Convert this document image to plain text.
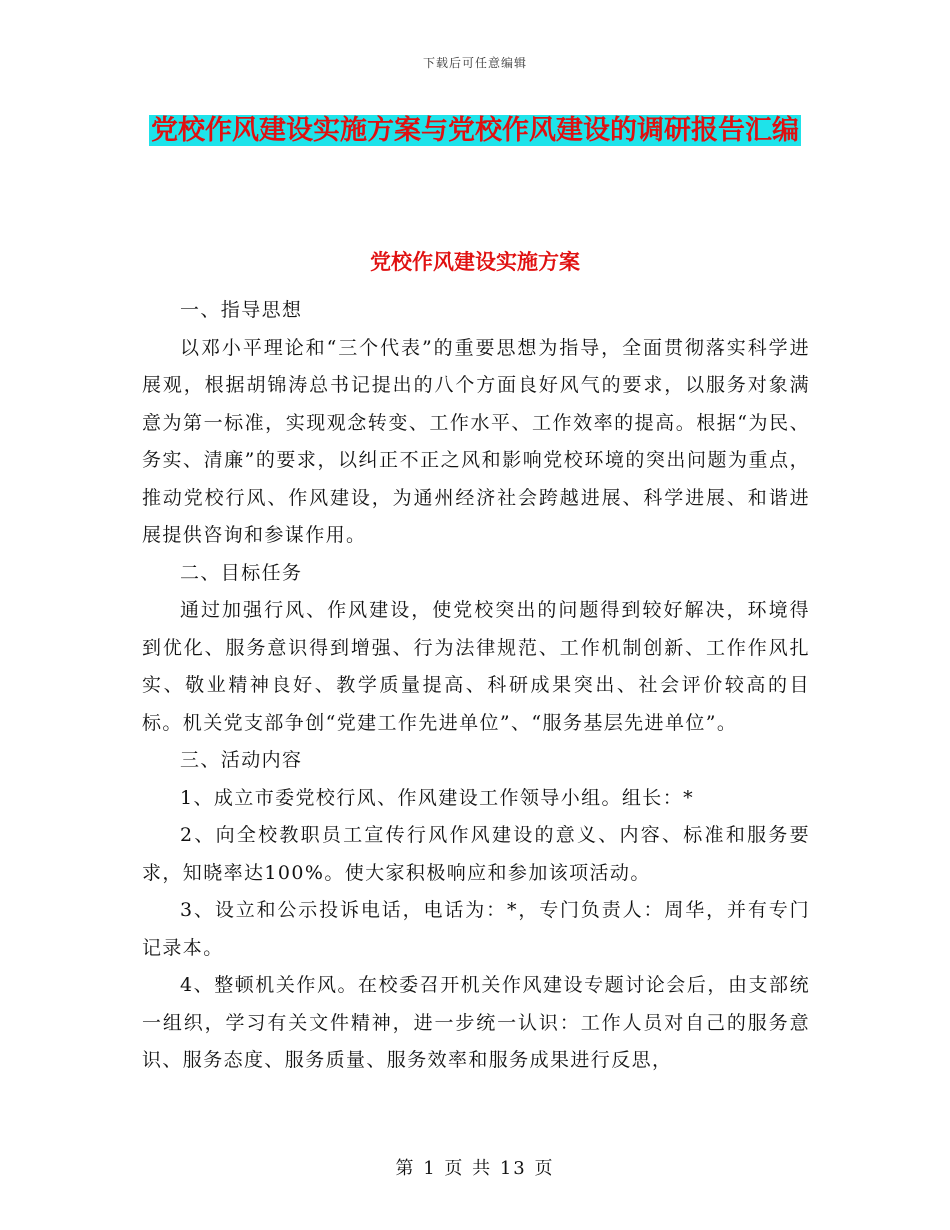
下载后可任意编辑
党校作风建设实施方案与党校作风建设的调研报告汇编
党校作风建设实施方案

一、指导思想

以邓小平理论和“三个代表”的重要思想为指导，全面贯彻落实科学进展观，根据胡锦涛总书记提出的八个方面良好风气的要求，以服务对象满意为第一标准，实现观念转变、工作水平、工作效率的提高。根据“为民、务实、清廉”的要求，以纠正不正之风和影响党校环境的突出问题为重点，推动党校行风、作风建设，为通州经济社会跨越进展、科学进展、和谐进展提供咨询和参谋作用。

二、目标任务

通过加强行风、作风建设，使党校突出的问题得到较好解决，环境得到优化、服务意识得到增强、行为法律规范、工作机制创新、工作作风扎实、敬业精神良好、教学质量提高、科研成果突出、社会评价较高的目标。机关党支部争创“党建工作先进单位”、“服务基层先进单位”。

三、活动内容

1、成立市委党校行风、作风建设工作领导小组。组长：*

2、向全校教职员工宣传行风作风建设的意义、内容、标准和服务要求，知晓率达100%。使大家积极响应和参加该项活动。

3、设立和公示投诉电话，电话为：*，专门负责人：周华，并有专门记录本。

4、整顿机关作风。在校委召开机关作风建设专题讨论会后，由支部统一组织，学习有关文件精神，进一步统一认识：工作人员对自己的服务意识、服务态度、服务质量、服务效率和服务成果进行反思，

第 1 页 共 13 页
